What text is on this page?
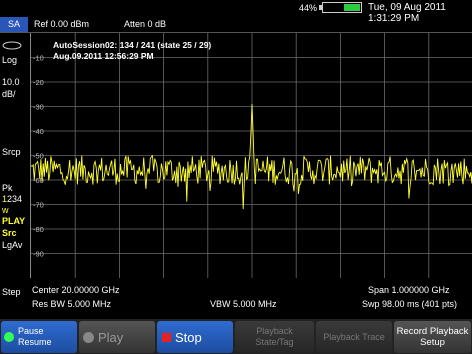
44%	Tue, 09 Aug 2011 1:31:29 PM
SA	Ref 0.00 dBm	Atten 0 dB
Log
10.0
dB/
Srcp
Pk
1234
w
PLAY
Src
LgAv
Step
-10
-20
-30
-40
-50
-60
-70
-80
-90
AutoSession02: 134 / 241 (state 25 / 29)
Aug.09.2011 12:56:29 PM
Center 20.00000 GHz	Span 1.000000 GHz
Res BW 5.000 MHz	VBW 5.000 MHz	Swp 98.00 ms (401 pts)
Pause
Resume	Play	Stop	Playback
State/Tag
Playback Trace Record Playback
Setup
